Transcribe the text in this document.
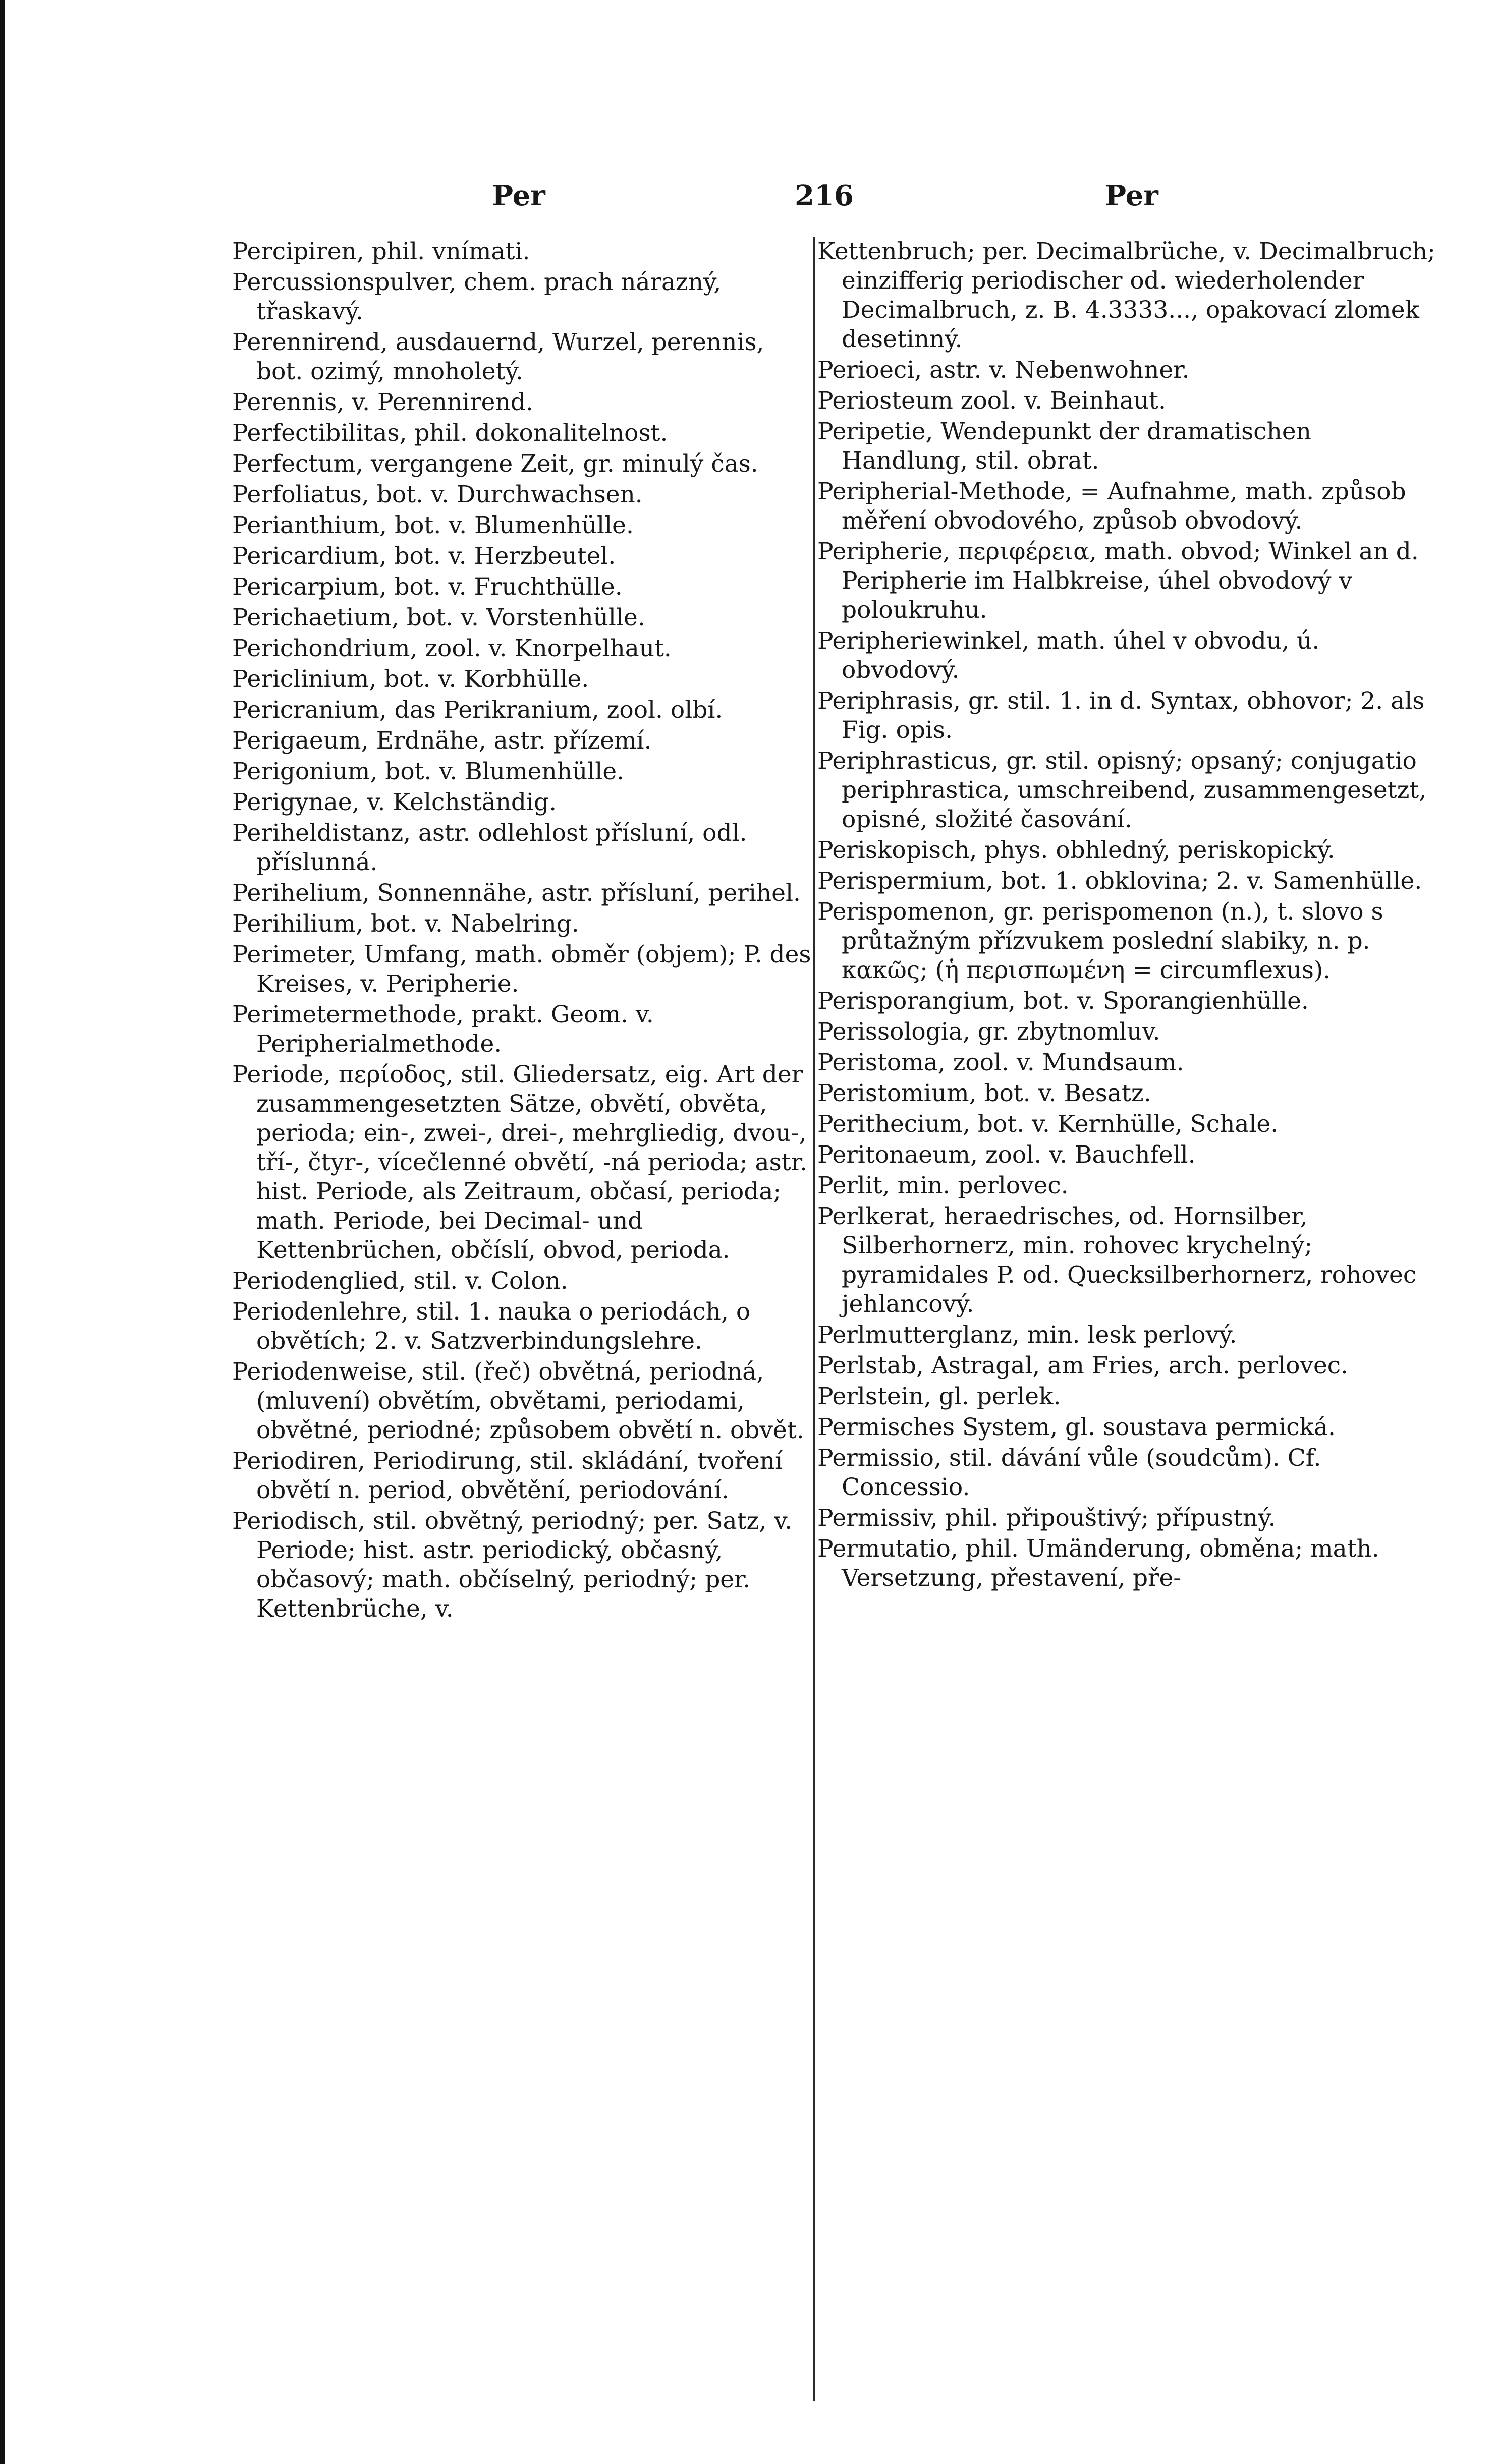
Per	216	Per

Percipiren, phil. vnímati.

Percussionspulver, chem. prach nárazný, třaskavý.

Perennirend, ausdauernd, Wurzel, perennis, bot. ozimý, mnoholetý.

Perennis, v. Perennirend.

Perfectibilitas, phil. dokonalitelnost.

Perfectum, vergangene Zeit, gr. minulý čas.

Perfoliatus, bot. v. Durchwachsen.

Perianthium, bot. v. Blumenhülle.

Pericardium, bot. v. Herzbeutel.

Pericarpium, bot. v. Fruchthülle.

Perichaetium, bot. v. Vorstenhülle.

Perichondrium, zool. v. Knorpelhaut.

Periclinium, bot. v. Korbhülle.

Pericranium, das Perikranium, zool. olbí.

Perigaeum, Erdnähe, astr. přízemí.

Perigonium, bot. v. Blumenhülle.

Perigynae, v. Kelchständig.

Periheldistanz, astr. odlehlost přísluní, odl. příslunná.

Perihelium, Sonnennähe, astr. přísluní, perihel.

Perihilium, bot. v. Nabelring.

Perimeter, Umfang, math. obměr (objem); P. des Kreises, v. Peripherie.

Perimetermethode, prakt. Geom. v. Peripherialmethode.

Periode, περίοδος, stil. Gliedersatz, eig. Art der zusammengesetzten Sätze, obvětí, obvěta, perioda; ein-, zwei-, drei-, mehrgliedig, dvou-, tří-, čtyr-, vícečlenné obvětí, -ná perioda; astr. hist. Periode, als Zeitraum, občasí, perioda; math. Periode, bei Decimal- und Kettenbrüchen, občíslí, obvod, perioda.

Periodenglied, stil. v. Colon.

Periodenlehre, stil. 1. nauka o periodách, o obvětích; 2. v. Satzverbindungslehre.

Periodenweise, stil. (řeč) obvětná, periodná, (mluvení) obvětím, obvětami, periodami, obvětné, periodné; způsobem obvětí n. obvět.

Periodiren, Periodirung, stil. skládání, tvoření obvětí n. period, obvětění, periodování.

Periodisch, stil. obvětný, periodný; per. Satz, v. Periode; hist. astr. periodický, občasný, občasový; math. občíselný, periodný; per. Kettenbrüche, v.

Kettenbruch; per. Decimalbrüche, v. Decimalbruch; einzifferig periodischer od. wiederholender Decimalbruch, z. B. 4.3333..., opakovací zlomek desetinný.

Perioeci, astr. v. Nebenwohner.

Periosteum zool. v. Beinhaut.

Peripetie, Wendepunkt der dramatischen Handlung, stil. obrat.

Peripherial-Methode, = Aufnahme, math. způsob měření obvodového, způsob obvodový.

Peripherie, περιφέρεια, math. obvod; Winkel an d. Peripherie im Halbkreise, úhel obvodový v poloukruhu.

Peripheriewinkel, math. úhel v obvodu, ú. obvodový.

Periphrasis, gr. stil. 1. in d. Syntax, obhovor; 2. als Fig. opis.

Periphrasticus, gr. stil. opisný; opsaný; conjugatio periphrastica, umschreibend, zusammengesetzt, opisné, složité časování.

Periskopisch, phys. obhledný, periskopický.

Perispermium, bot. 1. obklovina; 2. v. Samenhülle.

Perispomenon, gr. perispomenon (n.), t. slovo s průtažným přízvukem poslední slabiky, n. p. κακῶς; (ἡ περισπωμένη = circumflexus).

Perisporangium, bot. v. Sporangienhülle.

Perissologia, gr. zbytnomluv.

Peristoma, zool. v. Mundsaum.

Peristomium, bot. v. Besatz.

Perithecium, bot. v. Kernhülle, Schale.

Peritonaeum, zool. v. Bauchfell.

Perlit, min. perlovec.

Perlkerat, heraedrisches, od. Hornsilber, Silberhornerz, min. rohovec krychelný; pyramidales P. od. Quecksilberhornerz, rohovec jehlancový.

Perlmutterglanz, min. lesk perlový.

Perlstab, Astragal, am Fries, arch. perlovec.

Perlstein, gl. perlek.

Permisches System, gl. soustava permická.

Permissio, stil. dávání vůle (soudcům). Cf. Concessio.

Permissiv, phil. připouštivý; přípustný.

Permutatio, phil. Umänderung, obměna; math. Versetzung, přestavení, pře-
